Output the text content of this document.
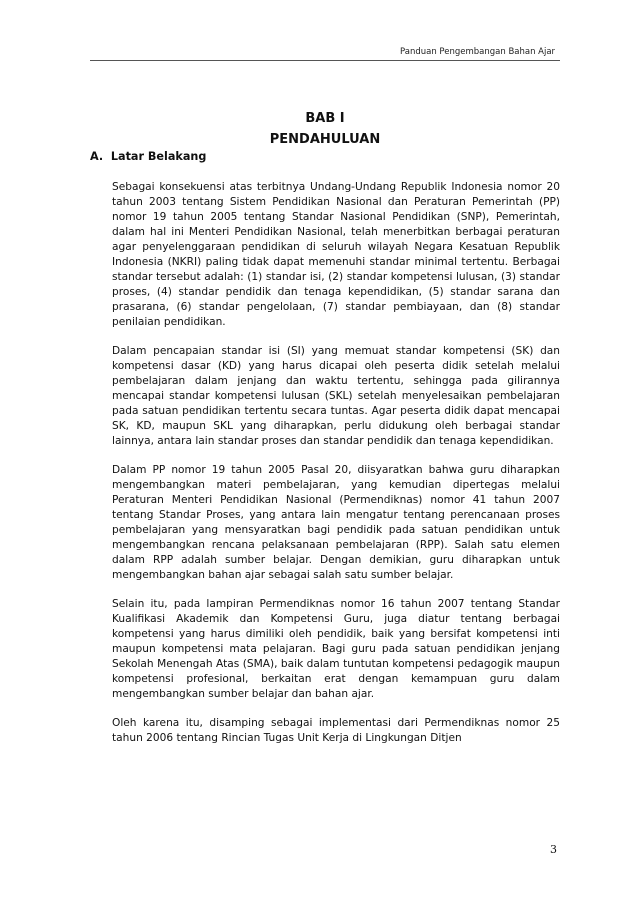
Panduan Pengembangan Bahan Ajar
BAB I
PENDAHULUAN
A.  Latar Belakang

Sebagai konsekuensi atas terbitnya Undang-Undang Republik Indonesia nomor 20 tahun 2003 tentang Sistem Pendidikan Nasional dan Peraturan Pemerintah (PP) nomor 19 tahun 2005 tentang Standar Nasional Pendidikan (SNP), Pemerintah, dalam hal ini Menteri Pendidikan Nasional, telah menerbitkan berbagai peraturan agar penyelenggaraan pendidikan di seluruh wilayah Negara Kesatuan Republik Indonesia (NKRI) paling tidak dapat memenuhi standar minimal tertentu. Berbagai standar tersebut adalah: (1) standar isi, (2) standar kompetensi lulusan, (3) standar proses, (4) standar pendidik dan tenaga kependidikan, (5) standar sarana dan prasarana, (6) standar pengelolaan, (7) standar pembiayaan, dan (8) standar penilaian pendidikan.

Dalam pencapaian standar isi (SI) yang memuat standar kompetensi (SK) dan kompetensi dasar (KD) yang harus dicapai oleh peserta didik setelah melalui pembelajaran dalam jenjang dan waktu tertentu, sehingga pada gilirannya mencapai standar kompetensi lulusan (SKL) setelah menyelesaikan pembelajaran pada satuan pendidikan tertentu secara tuntas. Agar peserta didik dapat mencapai SK, KD, maupun SKL yang diharapkan, perlu didukung oleh berbagai standar lainnya, antara lain standar proses dan standar pendidik dan tenaga kependidikan.

Dalam PP nomor 19 tahun 2005 Pasal 20, diisyaratkan bahwa guru diharapkan mengembangkan materi pembelajaran, yang kemudian dipertegas melalui Peraturan Menteri Pendidikan Nasional (Permendiknas) nomor 41 tahun 2007 tentang Standar Proses, yang antara lain mengatur tentang perencanaan proses pembelajaran yang mensyaratkan bagi pendidik pada satuan pendidikan untuk mengembangkan rencana pelaksanaan pembelajaran (RPP). Salah satu elemen dalam RPP adalah sumber belajar. Dengan demikian, guru diharapkan untuk mengembangkan bahan ajar sebagai salah satu sumber belajar.

Selain itu, pada lampiran Permendiknas nomor 16 tahun 2007 tentang Standar Kualifikasi Akademik dan Kompetensi Guru, juga diatur tentang berbagai kompetensi yang harus dimiliki oleh pendidik, baik yang bersifat kompetensi inti maupun kompetensi mata pelajaran. Bagi guru pada satuan pendidikan jenjang Sekolah Menengah Atas (SMA), baik dalam tuntutan kompetensi pedagogik maupun kompetensi profesional, berkaitan erat dengan kemampuan guru dalam mengembangkan sumber belajar dan bahan ajar.

Oleh karena itu, disamping sebagai implementasi dari Permendiknas nomor 25 tahun 2006 tentang Rincian Tugas Unit Kerja di Lingkungan Ditjen

3
